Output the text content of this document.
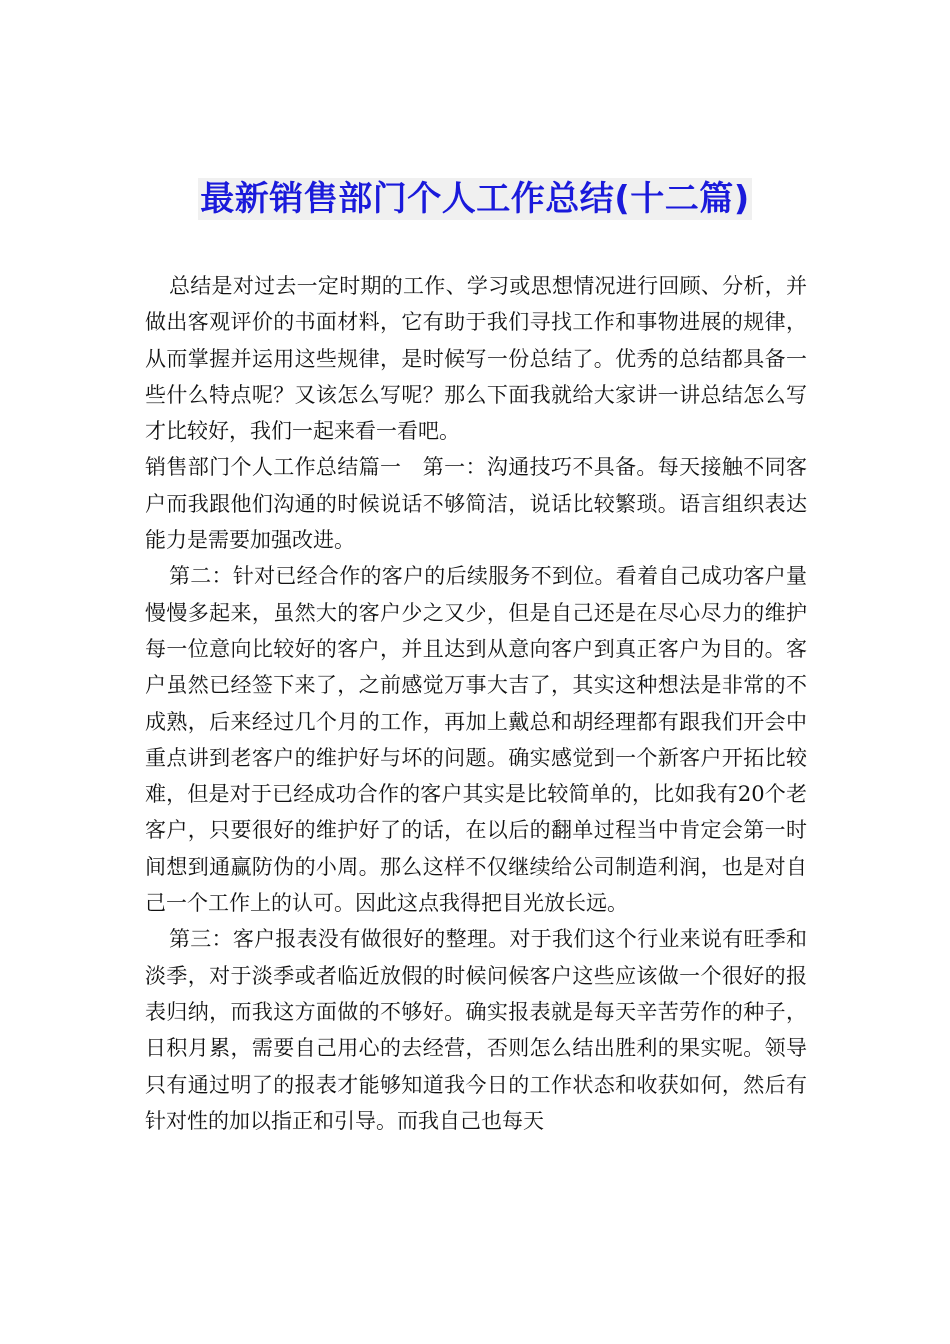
最新销售部门个人工作总结(十二篇)

总结是对过去一定时期的工作、学习或思想情况进行回顾、分析，并做出客观评价的书面材料，它有助于我们寻找工作和事物进展的规律，从而掌握并运用这些规律，是时候写一份总结了。优秀的总结都具备一些什么特点呢？又该怎么写呢？那么下面我就给大家讲一讲总结怎么写才比较好，我们一起来看一看吧。

销售部门个人工作总结篇一　第一：沟通技巧不具备。每天接触不同客户而我跟他们沟通的时候说话不够简洁，说话比较繁琐。语言组织表达能力是需要加强改进。

第二：针对已经合作的客户的后续服务不到位。看着自己成功客户量慢慢多起来，虽然大的客户少之又少，但是自己还是在尽心尽力的维护每一位意向比较好的客户，并且达到从意向客户到真正客户为目的。客户虽然已经签下来了，之前感觉万事大吉了，其实这种想法是非常的不成熟，后来经过几个月的工作，再加上戴总和胡经理都有跟我们开会中重点讲到老客户的维护好与坏的问题。确实感觉到一个新客户开拓比较难，但是对于已经成功合作的客户其实是比较简单的，比如我有20个老客户，只要很好的维护好了的话，在以后的翻单过程当中肯定会第一时间想到通赢防伪的小周。那么这样不仅继续给公司制造利润，也是对自己一个工作上的认可。因此这点我得把目光放长远。

第三：客户报表没有做很好的整理。对于我们这个行业来说有旺季和淡季，对于淡季或者临近放假的时候问候客户这些应该做一个很好的报表归纳，而我这方面做的不够好。确实报表就是每天辛苦劳作的种子，日积月累，需要自己用心的去经营，否则怎么结出胜利的果实呢。领导只有通过明了的报表才能够知道我今日的工作状态和收获如何，然后有针对性的加以指正和引导。而我自己也每天
